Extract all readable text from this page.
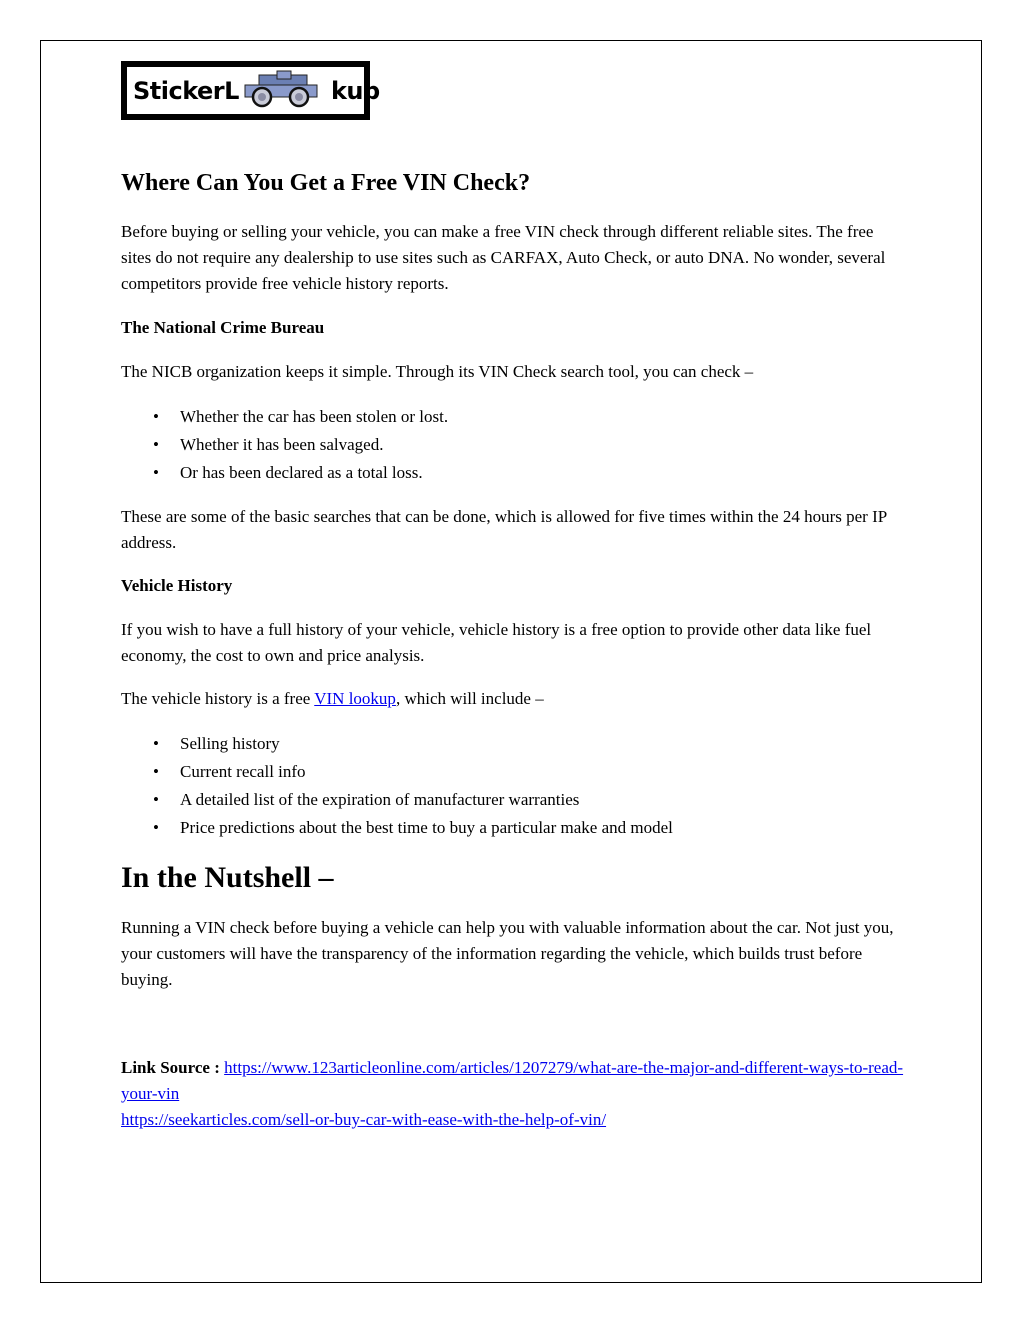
StickerL	kup
Where Can You Get a Free VIN Check?

Before buying or selling your vehicle, you can make a free VIN check through different reliable sites. The free sites do not require any dealership to use sites such as CARFAX, Auto Check, or auto DNA. No wonder, several competitors provide free vehicle history reports.

The National Crime Bureau

The NICB organization keeps it simple. Through its VIN Check search tool, you can check –

• Whether the car has been stolen or lost.
• Whether it has been salvaged.
• Or has been declared as a total loss.

These are some of the basic searches that can be done, which is allowed for five times within the 24 hours per IP address.

Vehicle History

If you wish to have a full history of your vehicle, vehicle history is a free option to provide other data like fuel economy, the cost to own and price analysis.

The vehicle history is a free VIN lookup, which will include –

• Selling history
• Current recall info
• A detailed list of the expiration of manufacturer warranties
• Price predictions about the best time to buy a particular make and model
In the Nutshell –

Running a VIN check before buying a vehicle can help you with valuable information about the car. Not just you, your customers will have the transparency of the information regarding the vehicle, which builds trust before buying.

Link Source : https://www.123articleonline.com/articles/1207279/what-are-the-major-and-different-ways-to-read-your-vin

https://seekarticles.com/sell-or-buy-car-with-ease-with-the-help-of-vin/
